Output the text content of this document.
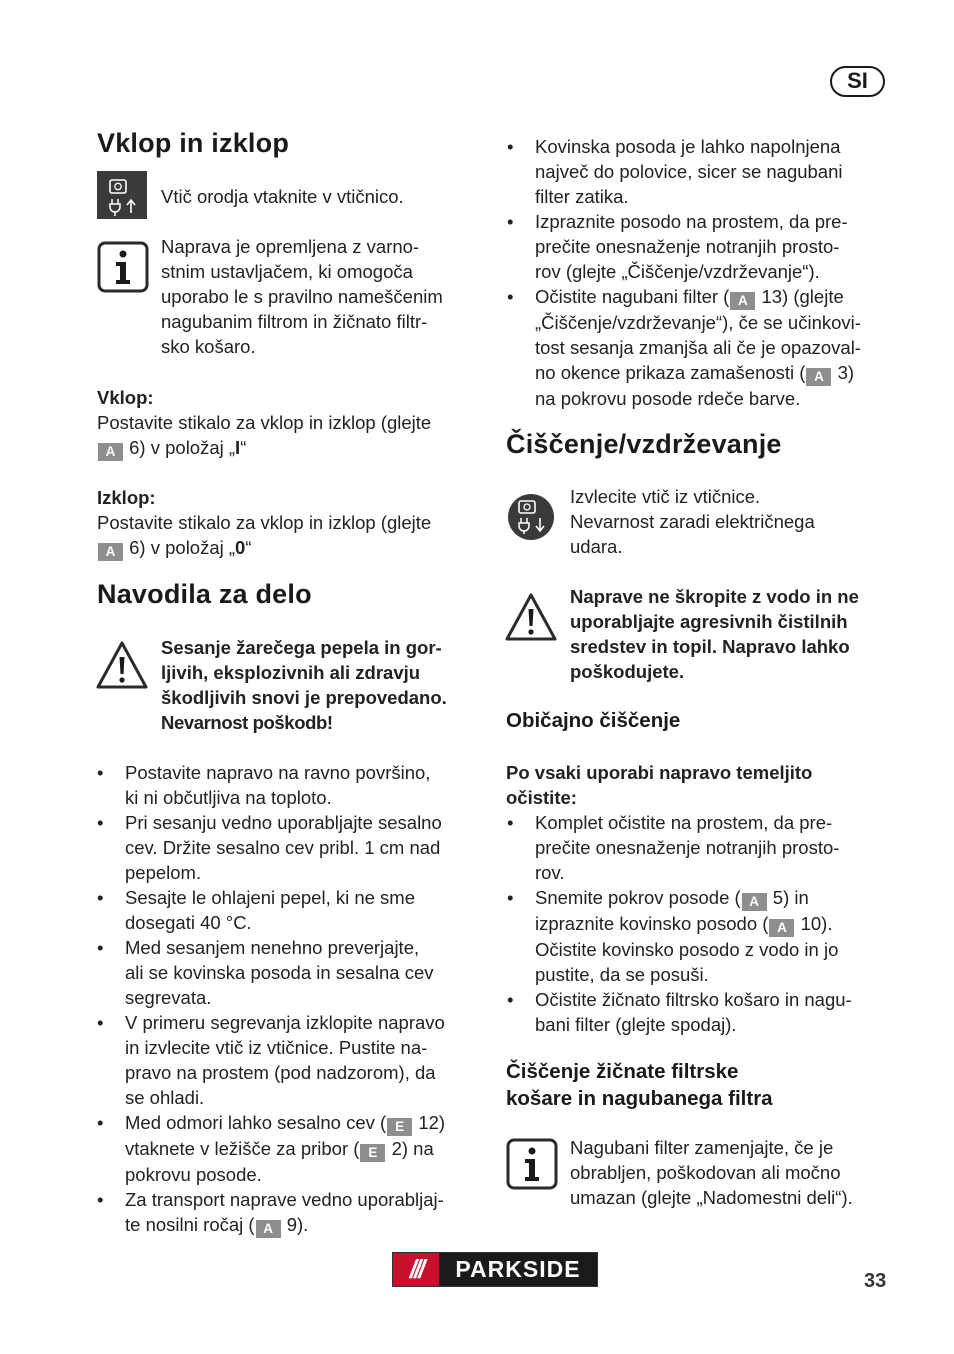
SI
Vklop in izklop
Vtič orodja vtaknite v vtičnico.
Naprava je opremljena z varno-
stnim ustavljačem, ki omogoča
uporabo le s pravilno nameščenim
nagubanim filtrom in žičnato filtr-
sko košaro.
Vklop:
Postavite stikalo za vklop in izklop (glejte
A 6) v položaj „I“
Izklop:
Postavite stikalo za vklop in izklop (glejte
A 6) v položaj „0“
Navodila za delo
Sesanje žarečega pepela in gor-
ljivih, eksplozivnih ali zdravju
škodljivih snovi je prepovedano.
Nevarnost poškodb!
• Postavite napravo na ravno površino,
ki ni občutljiva na toploto.
• Pri sesanju vedno uporabljajte sesalno
cev. Držite sesalno cev pribl. 1 cm nad
pepelom.
• Sesajte le ohlajeni pepel, ki ne sme
dosegati 40 °C.
• Med sesanjem nenehno preverjajte,
ali se kovinska posoda in sesalna cev
segrevata.
• V primeru segrevanja izklopite napravo
in izvlecite vtič iz vtičnice. Pustite na-
pravo na prostem (pod nadzorom), da
se ohladi.
• Med odmori lahko sesalno cev ( E 12)
vtaknete v ležišče za pribor ( E 2) na
pokrovu posode.
• Za transport naprave vedno uporabljaj-
te nosilni ročaj ( A 9).
• Kovinska posoda je lahko napolnjena
največ do polovice, sicer se nagubani
filter zatika.
• Izpraznite posodo na prostem, da pre-
prečite onesnaženje notranjih prosto-
rov (glejte „Čiščenje/vzdrževanje“).
• Očistite nagubani filter ( A 13) (glejte
„Čiščenje/vzdrževanje“), če se učinkovi-
tost sesanja zmanjša ali če je opazoval-
no okence prikaza zamašenosti ( A 3)
na pokrovu posode rdeče barve.
Čiščenje/vzdrževanje
Izvlecite vtič iz vtičnice.
Nevarnost zaradi električnega
udara.
Naprave ne škropite z vodo in ne
uporabljajte agresivnih čistilnih
sredstev in topil. Napravo lahko
poškodujete.
Običajno čiščenje
Po vsaki uporabi napravo temeljito
očistite:
• Komplet očistite na prostem, da pre-
prečite onesnaženje notranjih prosto-
rov.
• Snemite pokrov posode ( A 5) in
izpraznite kovinsko posodo ( A 10).
Očistite kovinsko posodo z vodo in jo
pustite, da se posuši.
• Očistite žičnato filtrsko košaro in nagu-
bani filter (glejte spodaj).
Čiščenje žičnate filtrske
košare in nagubanega filtra
Nagubani filter zamenjajte, če je
obrabljen, poškodovan ali močno
umazan (glejte „Nadomestni deli“).
///	PARKSIDE	33
